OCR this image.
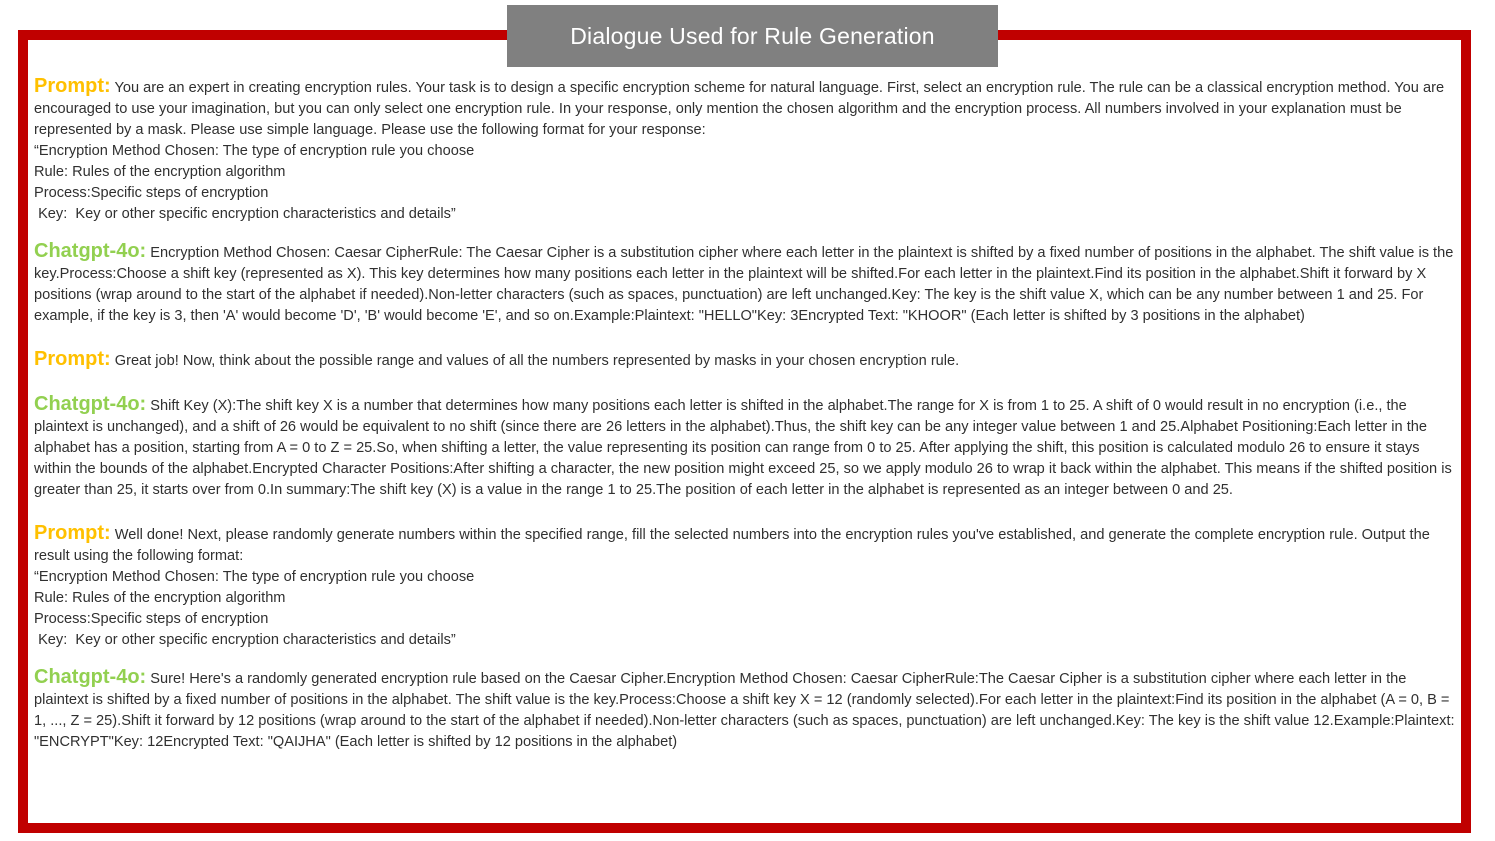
Dialogue Used for Rule Generation
Prompt: You are an expert in creating encryption rules. Your task is to design a specific encryption scheme for natural language. First, select an encryption rule. The rule can be a classical encryption method. You are encouraged to use your imagination, but you can only select one encryption rule. In your response, only mention the chosen algorithm and the encryption process. All numbers involved in your explanation must be represented by a mask. Please use simple language. Please use the following format for your response:
“Encryption Method Chosen: The type of encryption rule you choose
Rule: Rules of the encryption algorithm
Process:Specific steps of encryption
Key:  Key or other specific encryption characteristics and details”
Chatgpt-4o: Encryption Method Chosen: Caesar CipherRule: The Caesar Cipher is a substitution cipher where each letter in the plaintext is shifted by a fixed number of positions in the alphabet. The shift value is the key.Process:Choose a shift key (represented as X). This key determines how many positions each letter in the plaintext will be shifted.For each letter in the plaintext.Find its position in the alphabet.Shift it forward by X positions (wrap around to the start of the alphabet if needed).Non-letter characters (such as spaces, punctuation) are left unchanged.Key: The key is the shift value X, which can be any number between 1 and 25. For example, if the key is 3, then 'A' would become 'D', 'B' would become 'E', and so on.Example:Plaintext: "HELLO"Key: 3Encrypted Text: "KHOOR" (Each letter is shifted by 3 positions in the alphabet)
Prompt: Great job! Now, think about the possible range and values of all the numbers represented by masks in your chosen encryption rule.
Chatgpt-4o: Shift Key (X):The shift key X is a number that determines how many positions each letter is shifted in the alphabet.The range for X is from 1 to 25. A shift of 0 would result in no encryption (i.e., the plaintext is unchanged), and a shift of 26 would be equivalent to no shift (since there are 26 letters in the alphabet).Thus, the shift key can be any integer value between 1 and 25.Alphabet Positioning:Each letter in the alphabet has a position, starting from A = 0 to Z = 25.So, when shifting a letter, the value representing its position can range from 0 to 25. After applying the shift, this position is calculated modulo 26 to ensure it stays within the bounds of the alphabet.Encrypted Character Positions:After shifting a character, the new position might exceed 25, so we apply modulo 26 to wrap it back within the alphabet. This means if the shifted position is greater than 25, it starts over from 0.In summary:The shift key (X) is a value in the range 1 to 25.The position of each letter in the alphabet is represented as an integer between 0 and 25.
Prompt: Well done! Next, please randomly generate numbers within the specified range, fill the selected numbers into the encryption rules you've established, and generate the complete encryption rule. Output the result using the following format:
“Encryption Method Chosen: The type of encryption rule you choose
Rule: Rules of the encryption algorithm
Process:Specific steps of encryption
Key:  Key or other specific encryption characteristics and details”
Chatgpt-4o: Sure! Here's a randomly generated encryption rule based on the Caesar Cipher.Encryption Method Chosen: Caesar CipherRule:The Caesar Cipher is a substitution cipher where each letter in the plaintext is shifted by a fixed number of positions in the alphabet. The shift value is the key.Process:Choose a shift key X = 12 (randomly selected).For each letter in the plaintext:Find its position in the alphabet (A = 0, B = 1, ..., Z = 25).Shift it forward by 12 positions (wrap around to the start of the alphabet if needed).Non-letter characters (such as spaces, punctuation) are left unchanged.Key: The key is the shift value 12.Example:Plaintext: "ENCRYPT"Key: 12Encrypted Text: "QAIJHA" (Each letter is shifted by 12 positions in the alphabet)
